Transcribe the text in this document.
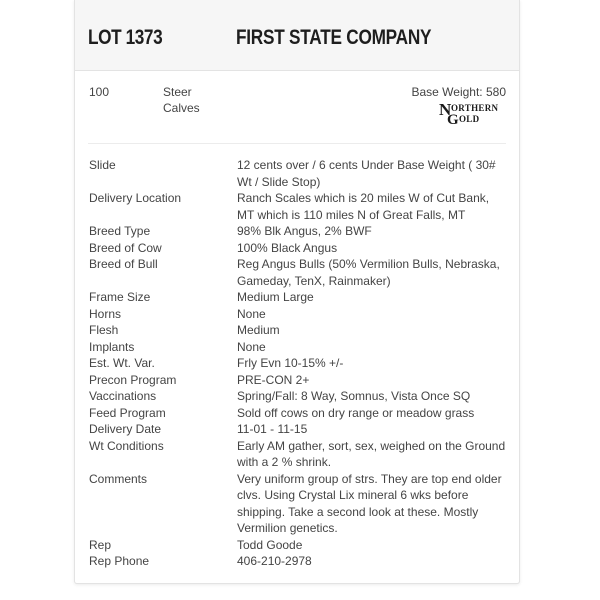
LOT 1373	FIRST STATE COMPANY
100	Steer Calves
Base Weight: 580
N ORTHERN
G OLD
Slide	12 cents over / 6 cents Under Base Weight ( 30# Wt / Slide Stop)
Delivery Location	Ranch Scales which is 20 miles W of Cut Bank, MT which is 110 miles N of Great Falls, MT
Breed Type	98% Blk Angus, 2% BWF
Breed of Cow	100% Black Angus
Breed of Bull	Reg Angus Bulls (50% Vermilion Bulls, Nebraska, Gameday, TenX, Rainmaker)
Frame Size	Medium Large
Horns	None
Flesh	Medium
Implants	None
Est. Wt. Var.	Frly Evn 10-15% +/-
Precon Program	PRE-CON 2+
Vaccinations	Spring/Fall: 8 Way, Somnus, Vista Once SQ
Feed Program	Sold off cows on dry range or meadow grass
Delivery Date	11-01 - 11-15
Wt Conditions	Early AM gather, sort, sex, weighed on the Ground with a 2 % shrink.
Comments	Very uniform group of strs. They are top end older clvs. Using Crystal Lix mineral 6 wks before shipping. Take a second look at these. Mostly Vermilion genetics.
Rep	Todd Goode
Rep Phone	406-210-2978
